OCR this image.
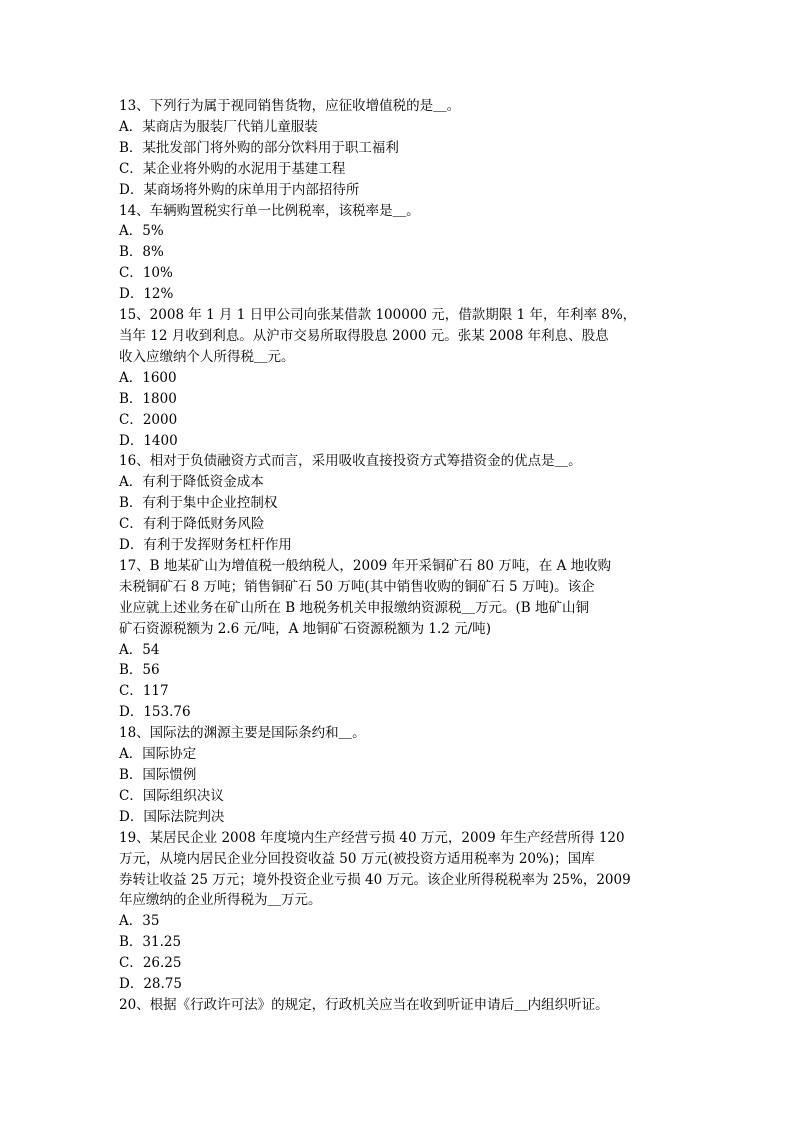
13、下列行为属于视同销售货物，应征收增值税的是＿。
A．某商店为服装厂代销儿童服装
B．某批发部门将外购的部分饮料用于职工福利
C．某企业将外购的水泥用于基建工程
D．某商场将外购的床单用于内部招待所
14、车辆购置税实行单一比例税率，该税率是＿。
A．5%
B．8%
C．10%
D．12%
15、2008 年 1 月 1 日甲公司向张某借款 100000 元，借款期限 1 年，年利率 8%，
当年 12 月收到利息。从沪市交易所取得股息 2000 元。张某 2008 年利息、股息
收入应缴纳个人所得税＿元。
A．1600
B．1800
C．2000
D．1400
16、相对于负债融资方式而言，采用吸收直接投资方式筹措资金的优点是＿。
A．有利于降低资金成本
B．有利于集中企业控制权
C．有利于降低财务风险
D．有利于发挥财务杠杆作用
17、B 地某矿山为增值税一般纳税人，2009 年开采铜矿石 80 万吨，在 A 地收购
未税铜矿石 8 万吨；销售铜矿石 50 万吨(其中销售收购的铜矿石 5 万吨)。该企
业应就上述业务在矿山所在 B 地税务机关申报缴纳资源税＿万元。(B 地矿山铜
矿石资源税额为 2.6 元/吨，A 地铜矿石资源税额为 1.2 元/吨)
A．54
B．56
C．117
D．153.76
18、国际法的渊源主要是国际条约和＿。
A．国际协定
B．国际惯例
C．国际组织决议
D．国际法院判决
19、某居民企业 2008 年度境内生产经营亏损 40 万元，2009 年生产经营所得 120
万元，从境内居民企业分回投资收益 50 万元(被投资方适用税率为 20%)；国库
券转让收益 25 万元；境外投资企业亏损 40 万元。该企业所得税税率为 25%，2009
年应缴纳的企业所得税为＿万元。
A．35
B．31.25
C．26.25
D．28.75
20、根据《行政许可法》的规定，行政机关应当在收到听证申请后＿内组织听证。
